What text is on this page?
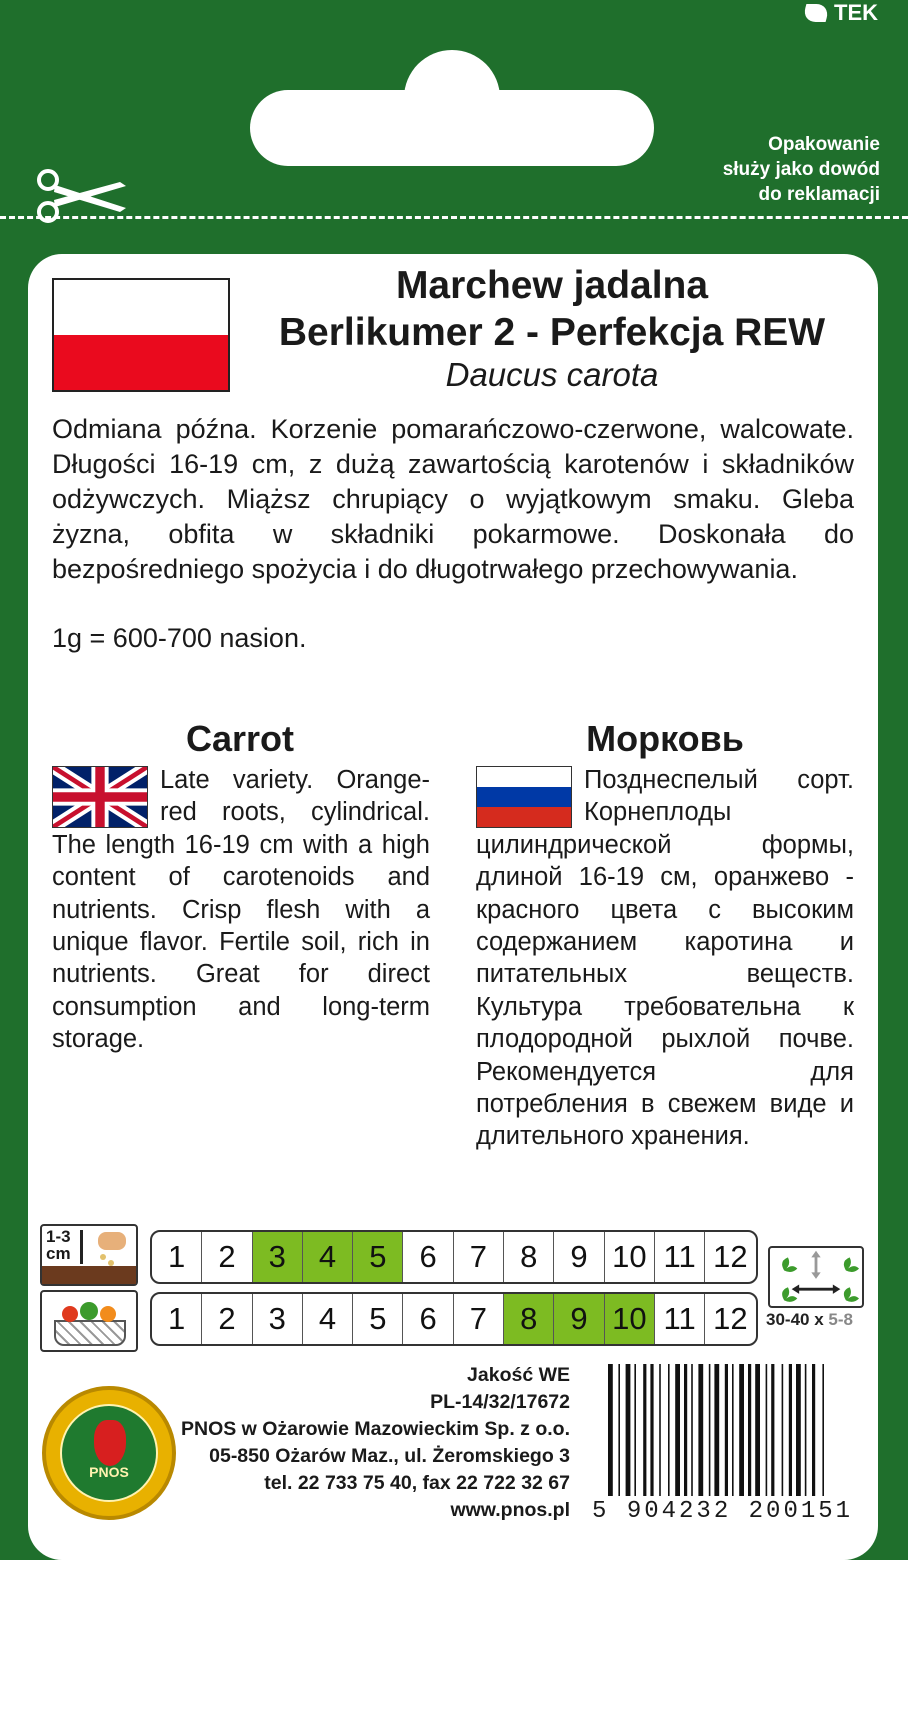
TEK
Opakowanie
służy jako dowód
do reklamacji
Marchew jadalna
Berlikumer 2 - Perfekcja REW
Daucus carota
Odmiana późna. Korzenie pomarańczowo-czerwone, walcowate. Długości 16-19 cm, z dużą zawartością karotenów i składników odżywczych. Miąższ chrupiący o wyjątkowym smaku. Gleba żyzna, obfita w składniki pokarmowe. Doskonała do bezpośredniego spożycia i do długotrwałego przechowywania.
1g = 600-700 nasion.
Carrot
Late variety. Orange-red roots, cylindrical. The length 16-19 cm with a high content of carotenoids and nutrients. Crisp flesh with a unique flavor. Fertile soil, rich in nutrients. Great for direct consumption and long-term storage.
Морковь
Позднеспелый сорт. Корнеплоды цилиндрической формы, длиной 16-19 см, оранжево - красного цвета с высоким содержанием каротина и питательных веществ. Культура требовательна к плодородной рыхлой почве. Рекомендуется для потребления в свежем виде и длительного хранения.
1-3
cm	1	2	3	4	5	6	7	8	9 10 11 12
1	2	3	4	5	6	7	8	9 10 11 12	30-40 x 5-8
PNOS
Jakość WE
PL-14/32/17672
PNOS w Ożarowie Mazowieckim Sp. z o.o.
05-850 Ożarów Maz., ul. Żeromskiego 3
tel. 22 733 75 40, fax 22 722 32 67
www.pnos.pl 5 904232 200151
